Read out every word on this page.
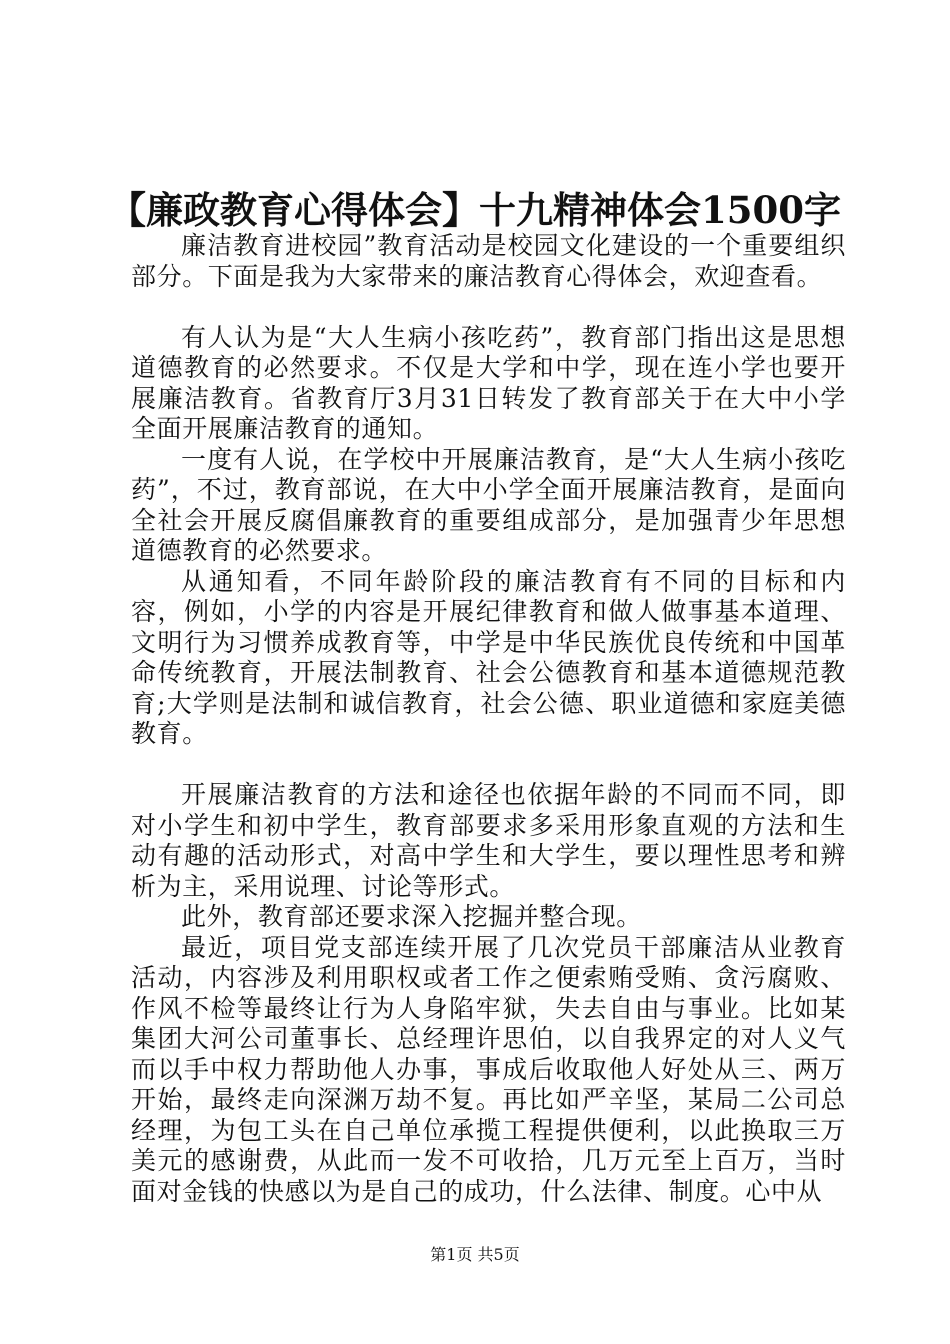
【廉政教育心得体会】十九精神体会1500字

廉洁教育进校园”教育活动是校园文化建设的一个重要组织部分。下面是我为大家带来的廉洁教育心得体会，欢迎查看。

有人认为是“大人生病小孩吃药”，教育部门指出这是思想道德教育的必然要求。不仅是大学和中学，现在连小学也要开展廉洁教育。省教育厅3月31日转发了教育部关于在大中小学全面开展廉洁教育的通知。

一度有人说，在学校中开展廉洁教育，是“大人生病小孩吃药”，不过，教育部说，在大中小学全面开展廉洁教育，是面向全社会开展反腐倡廉教育的重要组成部分，是加强青少年思想道德教育的必然要求。

从通知看，不同年龄阶段的廉洁教育有不同的目标和内容，例如，小学的内容是开展纪律教育和做人做事基本道理、文明行为习惯养成教育等，中学是中华民族优良传统和中国革命传统教育，开展法制教育、社会公德教育和基本道德规范教育;大学则是法制和诚信教育，社会公德、职业道德和家庭美德教育。

开展廉洁教育的方法和途径也依据年龄的不同而不同，即对小学生和初中学生，教育部要求多采用形象直观的方法和生动有趣的活动形式，对高中学生和大学生，要以理性思考和辨析为主，采用说理、讨论等形式。

此外，教育部还要求深入挖掘并整合现。

最近，项目党支部连续开展了几次党员干部廉洁从业教育活动，内容涉及利用职权或者工作之便索贿受贿、贪污腐败、作风不检等最终让行为人身陷牢狱，失去自由与事业。比如某集团大河公司董事长、总经理许思伯，以自我界定的对人义气而以手中权力帮助他人办事，事成后收取他人好处从三、两万开始，最终走向深渊万劫不复。再比如严辛坚，某局二公司总经理，为包工头在自己单位承揽工程提供便利，以此换取三万美元的感谢费，从此而一发不可收拾，几万元至上百万，当时面对金钱的快感以为是自己的成功，什么法律、制度。心中从

第1页 共5页
